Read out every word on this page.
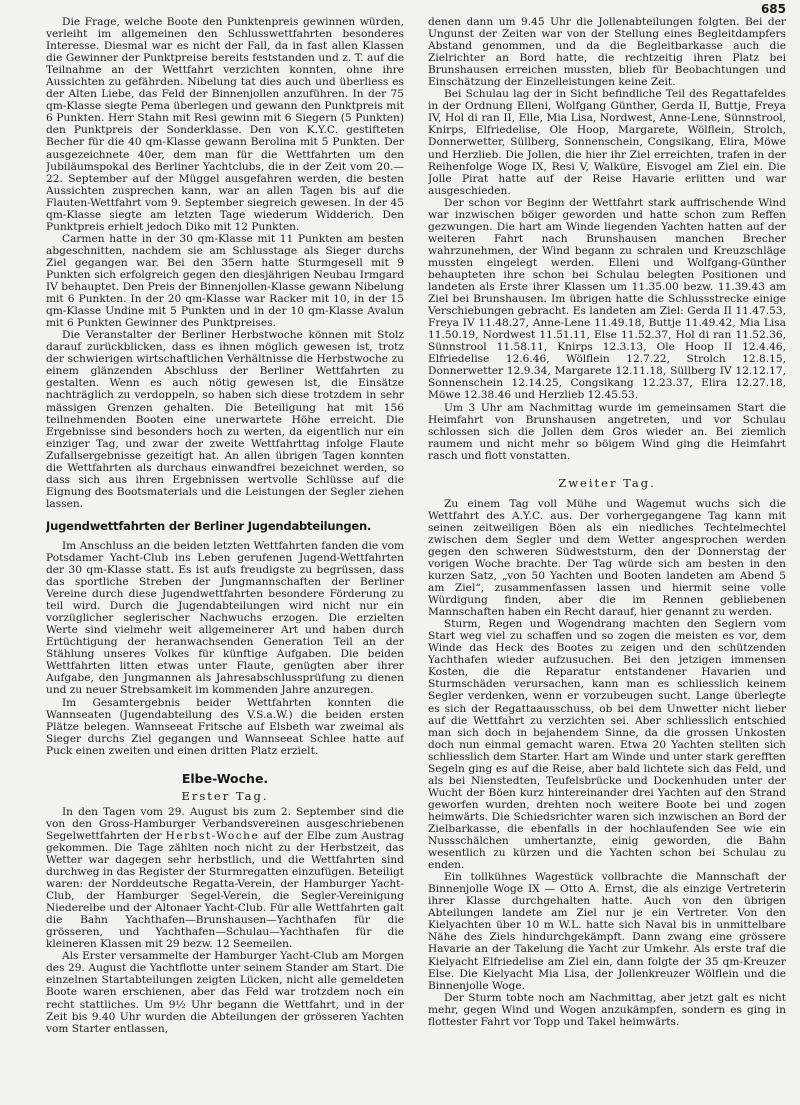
685

Die Frage, welche Boote den Punktenpreis gewinnen würden, verleiht im allgemeinen den Schlusswettfahrten besonderes Interesse. Diesmal war es nicht der Fall, da in fast allen Klassen die Gewinner der Punktpreise bereits feststanden und z. T. auf die Teilnahme an der Wettfahrt verzichten konnten, ohne ihre Aussichten zu gefährden. Nibelung tat dies auch und überliess es der Alten Liebe, das Feld der Binnenjollen anzuführen. In der 75 qm-Klasse siegte Pema überlegen und gewann den Punktpreis mit 6 Punkten. Herr Stahn mit Resi gewinn mit 6 Siegern (5 Punkten) den Punktpreis der Sonderklasse. Den von K.Y.C. gestifteten Becher für die 40 qm-Klasse gewann Berolina mit 5 Punkten. Der ausgezeichnete 40er, dem man für die Wettfahrten um den Jubiläumspokal des Berliner Yachtclubs, die in der Zeit vom 20.—22. September auf der Müggel ausgefahren werden, die besten Aussichten zusprechen kann, war an allen Tagen bis auf die Flauten-Wettfahrt vom 9. September siegreich gewesen. In der 45 qm-Klasse siegte am letzten Tage wiederum Widderich. Den Punktpreis erhielt jedoch Diko mit 12 Punkten.

Carmen hatte in der 30 qm-Klasse mit 11 Punkten am besten abgeschnitten, nachdem sie am Schlusstage als Sieger durchs Ziel gegangen war. Bei den 35ern hatte Sturmgesell mit 9 Punkten sich erfolgreich gegen den diesjährigen Neubau Irmgard IV behauptet. Den Preis der Binnenjollen-Klasse gewann Nibelung mit 6 Punkten. In der 20 qm-Klasse war Racker mit 10, in der 15 qm-Klasse Undine mit 5 Punkten und in der 10 qm-Klasse Avalun mit 6 Punkten Gewinner des Punktpreises.

Die Veranstalter der Berliner Herbstwoche können mit Stolz darauf zurückblicken, dass es ihnen möglich gewesen ist, trotz der schwierigen wirtschaftlichen Verhältnisse die Herbstwoche zu einem glänzenden Abschluss der Berliner Wettfahrten zu gestalten. Wenn es auch nötig gewesen ist, die Einsätze nachträglich zu verdoppeln, so haben sich diese trotzdem in sehr mässigen Grenzen gehalten. Die Beteiligung hat mit 156 teilnehmenden Booten eine unerwartete Höhe erreicht. Die Ergebnisse sind besonders hoch zu werten, da eigentlich nur ein einziger Tag, und zwar der zweite Wettfahrttag infolge Flaute Zufallsergebnisse gezeitigt hat. An allen übrigen Tagen konnten die Wettfahrten als durchaus einwandfrei bezeichnet werden, so dass sich aus ihren Ergebnissen wertvolle Schlüsse auf die Eignung des Bootsmaterials und die Leistungen der Segler ziehen lassen.

Jugendwettfahrten der Berliner Jugendabteilungen.

Im Anschluss an die beiden letzten Wettfahrten fanden die vom Potsdamer Yacht-Club ins Leben gerufenen Jugend-Wettfahrten der 30 qm-Klasse statt. Es ist aufs freudigste zu begrüssen, dass das sportliche Streben der Jungmannschaften der Berliner Vereine durch diese Jugendwettfahrten besondere Förderung zu teil wird. Durch die Jugendabteilungen wird nicht nur ein vorzüglicher seglerischer Nachwuchs erzogen. Die erzielten Werte sind vielmehr weit allgemeinerer Art und haben durch Ertüchtigung der heranwachsenden Generation Teil an der Stählung unseres Volkes für künftige Aufgaben. Die beiden Wettfahrten litten etwas unter Flaute, genügten aber ihrer Aufgabe, den Jungmannen als Jahresabschlussprüfung zu dienen und zu neuer Strebsamkeit im kommenden Jahre anzuregen.

Im Gesamtergebnis beider Wettfahrten konnten die Wannseaten (Jugendabteilung des V.S.a.W.) die beiden ersten Plätze belegen. Wannseeat Fritsche auf Elsbeth war zweimal als Sieger durchs Ziel gegangen und Wannseeat Schlee hatte auf Puck einen zweiten und einen dritten Platz erzielt.

Elbe-Woche.
Erster Tag.

In den Tagen vom 29. August bis zum 2. September sind die von den Gross-Hamburger Verbandsvereinen ausgeschriebenen Segelwettfahrten der Herbst-Woche auf der Elbe zum Austrag gekommen. Die Tage zählten noch nicht zu der Herbstzeit, das Wetter war dagegen sehr herbstlich, und die Wettfahrten sind durchweg in das Register der Sturmregatten einzufügen. Beteiligt waren: der Norddeutsche Regatta-Verein, der Hamburger Yacht-Club, der Hamburger Segel-Verein, die Segler-Vereinigung Niederelbe und der Altonaer Yacht-Club. Für alle Wettfahrten galt die Bahn Yachthafen—Brunshausen—Yachthafen für die grösseren, und Yachthafen—Schulau—Yachthafen für die kleineren Klassen mit 29 bezw. 12 Seemeilen.

Als Erster versammelte der Hamburger Yacht-Club am Morgen des 29. August die Yachtflotte unter seinem Stander am Start. Die einzelnen Startabteilungen zeigten Lücken, nicht alle gemeldeten Boote waren erschienen, aber das Feld war trotzdem noch ein recht stattliches. Um 9½ Uhr begann die Wettfahrt, und in der Zeit bis 9.40 Uhr wurden die Abteilungen der grösseren Yachten vom Starter entlassen,

denen dann um 9.45 Uhr die Jollenabteilungen folgten. Bei der Ungunst der Zeiten war von der Stellung eines Begleitdampfers Abstand genommen, und da die Begleitbarkasse auch die Zielrichter an Bord hatte, die rechtzeitig ihren Platz bei Brunshausen erreichen mussten, blieb für Beobachtungen und Einschätzung der Einzelleistungen keine Zeit.

Bei Schulau lag der in Sicht befindliche Teil des Regattafeldes in der Ordnung Elleni, Wolfgang Günther, Gerda II, Buttje, Freya IV, Hol di ran II, Elle, Mia Lisa, Nordwest, Anne-Lene, Sünnstrool, Knirps, Elfriedelise, Ole Hoop, Margarete, Wölflein, Strolch, Donnerwetter, Süllberg, Sonnenschein, Congsikang, Elira, Möwe und Herzlieb. Die Jollen, die hier ihr Ziel erreichten, trafen in der Reihenfolge Woge IX, Resi V, Walküre, Eisvogel am Ziel ein. Die Jolle Pirat hatte auf der Reise Havarie erlitten und war ausgeschieden.

Der schon vor Beginn der Wettfahrt stark auffrischende Wind war inzwischen böiger geworden und hatte schon zum Reffen gezwungen. Die hart am Winde liegenden Yachten hatten auf der weiteren Fahrt nach Brunshausen manchen Brecher wahrzunehmen, der Wind begann zu schralen und Kreuzschläge mussten eingelegt werden. Elleni und Wolfgang-Günther behaupteten ihre schon bei Schulau belegten Positionen und landeten als Erste ihrer Klassen um 11.35.00 bezw. 11.39.43 am Ziel bei Brunshausen. Im übrigen hatte die Schlussstrecke einige Verschiebungen gebracht. Es landeten am Ziel: Gerda II 11.47.53, Freya IV 11.48.27, Anne-Lene 11.49.18, Buttje 11.49.42, Mia Lisa 11.50.19, Nordwest 11.51.11, Else 11.52.37, Hol di ran 11.52.36, Sünnstrool 11.58.11, Knirps 12.3.13, Ole Hoop II 12.4.46, Elfriedelise 12.6.46, Wölflein 12.7.22, Strolch 12.8.15, Donnerwetter 12.9.34, Margarete 12.11.18, Süllberg IV 12.12.17, Sonnenschein 12.14.25, Congsikang 12.23.37, Elira 12.27.18, Möwe 12.38.46 und Herzlieb 12.45.53.

Um 3 Uhr am Nachmittag wurde im gemeinsamen Start die Heimfahrt von Brunshausen angetreten, und vor Schulau schlossen sich die Jollen dem Gros wieder an. Bei ziemlich raumem und nicht mehr so böigem Wind ging die Heimfahrt rasch und flott vonstatten.

Zweiter Tag.

Zu einem Tag voll Mühe und Wagemut wuchs sich die Wettfahrt des A.Y.C. aus. Der vorhergegangene Tag kann mit seinen zeitweiligen Böen als ein niedliches Techtelmechtel zwischen dem Segler und dem Wetter angesprochen werden gegen den schweren Südweststurm, den der Donnerstag der vorigen Woche brachte. Der Tag würde sich am besten in den kurzen Satz, „von 50 Yachten und Booten landeten am Abend 5 am Ziel“, zusammenfassen lassen und hiermit seine volle Würdigung finden, aber die im Rennen gebliebenen Mannschaften haben ein Recht darauf, hier genannt zu werden.

Sturm, Regen und Wogendrang machten den Seglern vom Start weg viel zu schaffen und so zogen die meisten es vor, dem Winde das Heck des Bootes zu zeigen und den schützenden Yachthafen wieder aufzusuchen. Bei den jetzigen immensen Kosten, die die Reparatur entstandener Havarien und Sturmschäden verursachen, kann man es schliesslich keinem Segler verdenken, wenn er vorzubeugen sucht. Lange überlegte es sich der Regattaausschuss, ob bei dem Unwetter nicht lieber auf die Wettfahrt zu verzichten sei. Aber schliesslich entschied man sich doch in bejahendem Sinne, da die grossen Unkosten doch nun einmal gemacht waren. Etwa 20 Yachten stellten sich schliesslich dem Starter. Hart am Winde und unter stark gerefften Segeln ging es auf die Reise, aber bald lichtete sich das Feld, und als bei Nienstedten, Teufelsbrücke und Dockenhuden unter der Wucht der Böen kurz hintereinander drei Yachten auf den Strand geworfen wurden, drehten noch weitere Boote bei und zogen heimwärts. Die Schiedsrichter waren sich inzwischen an Bord der Zielbarkasse, die ebenfalls in der hochlaufenden See wie ein Nussschälchen umhertanzte, einig geworden, die Bahn wesentlich zu kürzen und die Yachten schon bei Schulau zu enden.

Ein tollkühnes Wagestück vollbrachte die Mannschaft der Binnenjolle Woge IX — Otto A. Ernst, die als einzige Vertreterin ihrer Klasse durchgehalten hatte. Auch von den übrigen Abteilungen landete am Ziel nur je ein Vertreter. Von den Kielyachten über 10 m W.L. hatte sich Naval bis in unmittelbare Nähe des Ziels hindurchgekämpft. Dann zwang eine grössere Havarie an der Takelung die Yacht zur Umkehr. Als erste traf die Kielyacht Elfriedelise am Ziel ein, dann folgte der 35 qm-Kreuzer Else. Die Kielyacht Mia Lisa, der Jollenkreuzer Wölflein und die Binnenjolle Woge.

Der Sturm tobte noch am Nachmittag, aber jetzt galt es nicht mehr, gegen Wind und Wogen anzukämpfen, sondern es ging in flottester Fahrt vor Topp und Takel heimwärts.
